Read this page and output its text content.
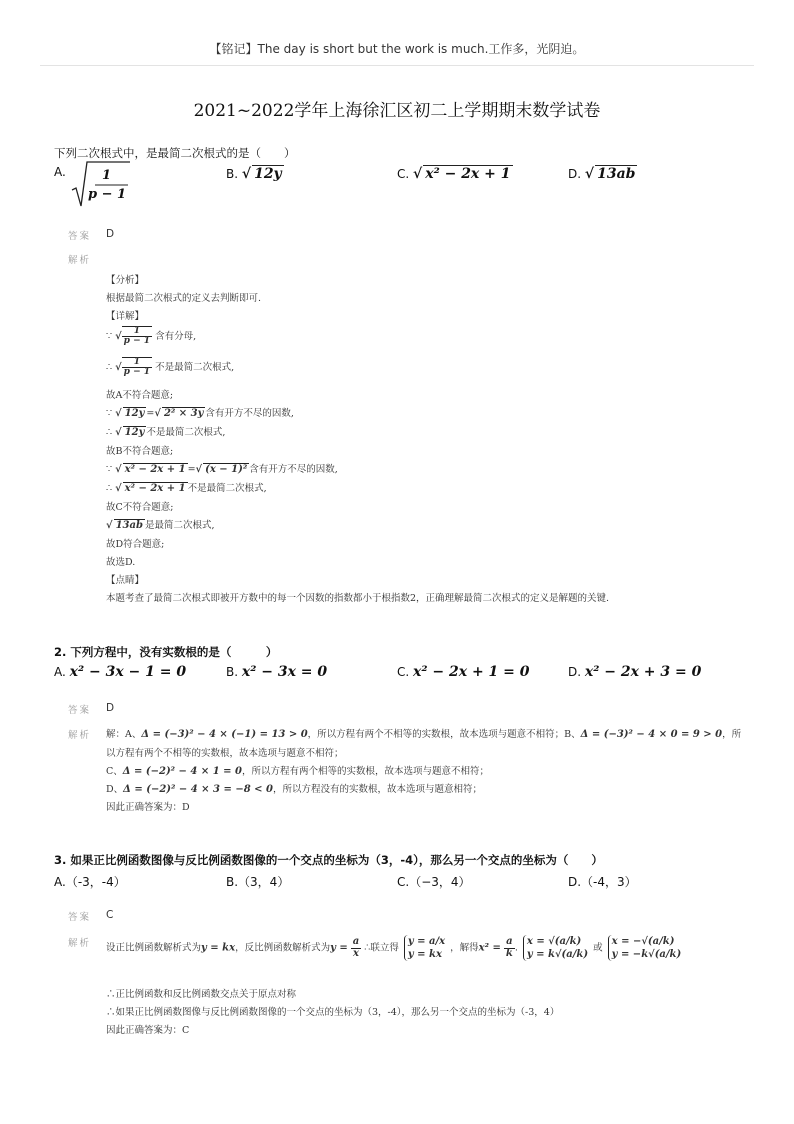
【铭记】The day is short but the work is much.工作多，光阴迫。
2021~2022学年上海徐汇区初二上学期期末数学试卷
下列二次根式中，是最简二次根式的是（　　）
A.	1
p − 1
B. √ 12y	C. √ x² − 2x + 1	D. √ 13ab
答案 D
解析
【分析】
根据最简二次根式的定义去判断即可.
【详解】
∵ √ $\frac{1}{p - 1}$ 含有分母,
∴ √ $\frac{1}{p - 1}$ 不是最简二次根式,
故A不符合题意;
∵ √ 12y =√ 2² × 3y 含有开方不尽的因数,
∴ √ 12y 不是最简二次根式,
故B不符合题意;
∵ √ x² − 2x + 1 =√ (x − 1)² 含有开方不尽的因数,
∴ √ x² − 2x + 1 不是最简二次根式,
故C不符合题意;
√ 13ab 是最简二次根式,
故D符合题意;
故选D.
【点睛】
本题考查了最简二次根式即被开方数中的每一个因数的指数都小于根指数2，正确理解最简二次根式的定义是解题的关键.
2. 下列方程中，没有实数根的是（　　　）
A. x² − 3x − 1 = 0	B. x² − 3x = 0	C. x² − 2x + 1 = 0	D. x² − 2x + 3 = 0
答案 D
解析 解：A、Δ = (−3)² − 4 × (−1) = 13 > 0，所以方程有两个不相等的实数根，故本选项与题意不相符；B、Δ = (−3)² − 4 × 0 = 9 > 0，所
以方程有两个不相等的实数根，故本选项与题意不相符；
C、Δ = (−2)² − 4 × 1 = 0，所以方程有两个相等的实数根，故本选项与题意不相符；
D、Δ = (−2)² − 4 × 3 = −8 < 0，所以方程没有的实数根，故本选项与题意相符；
因此正确答案为：D
3. 如果正比例函数图像与反比例函数图像的一个交点的坐标为（3，-4），那么另一个交点的坐标为（　　）
A.（-3，-4）	B.（3，4）	C.（−3，4）	D.（-4，3）
答案 C
解析 设正比例函数解析式为y = kx，反比例函数解析式为$y = \frac{a}{x}$ ∴联立得
y = a/x
y = kx
，解得$x^2 = \frac{a}{k}$ .
x = √(a/k)
y = k√(a/k)
或
x = −√(a/k)
y = −k√(a/k)
∴正比例函数和反比例函数交点关于原点对称
∴如果正比例函数图像与反比例函数图像的一个交点的坐标为（3，-4），那么另一个交点的坐标为（-3，4）
因此正确答案为：C
